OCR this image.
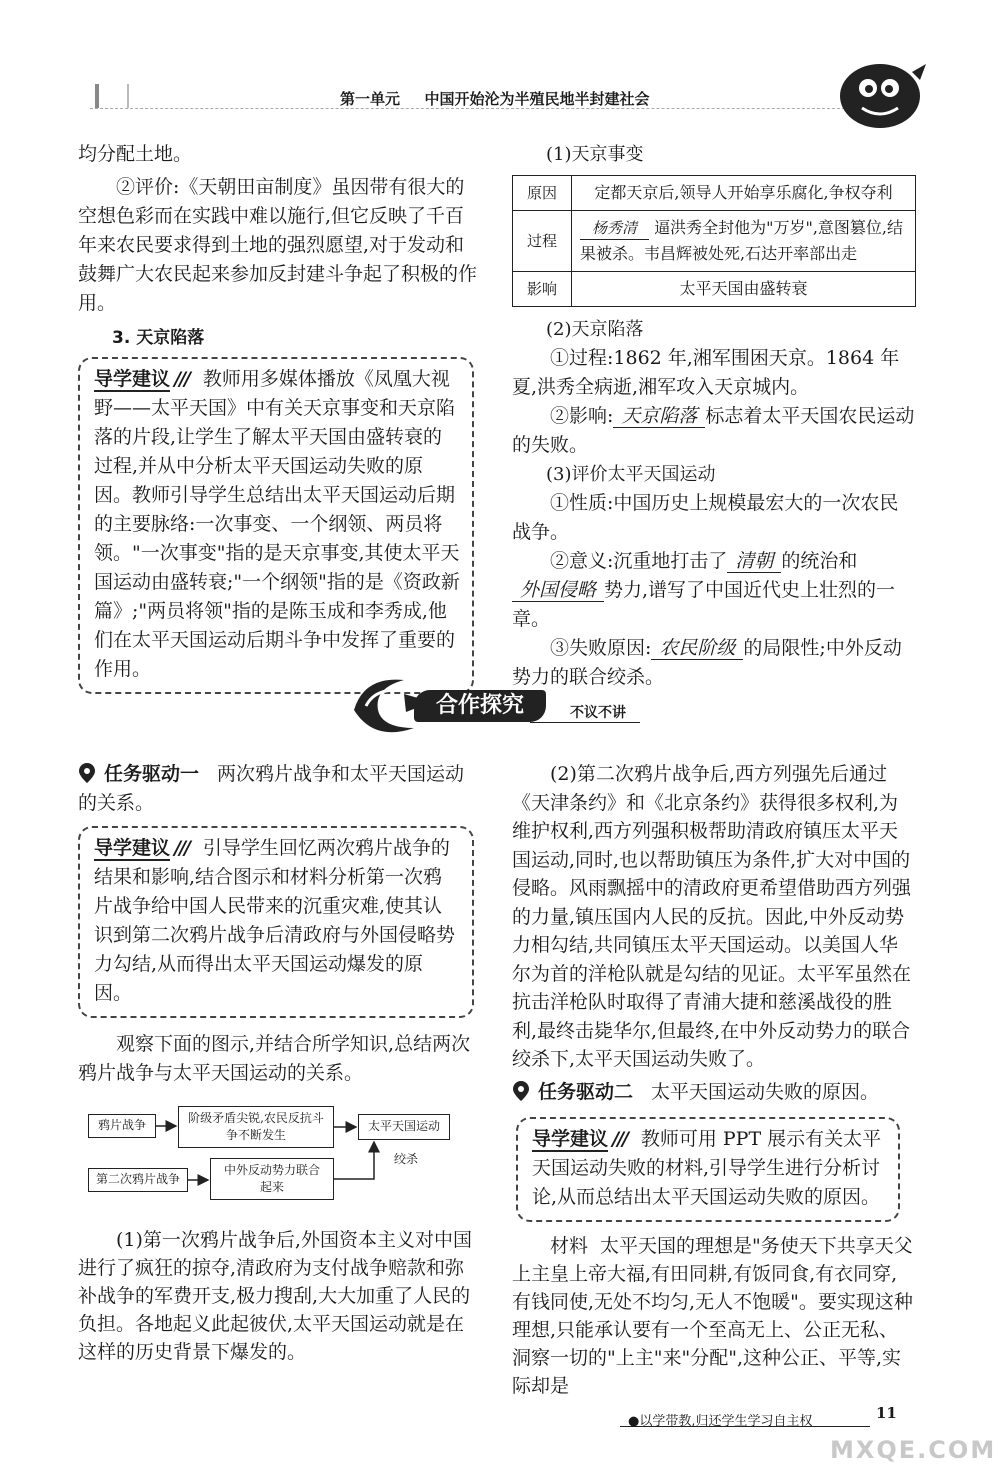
第一单元 中国开始沦为半殖民地半封建社会

均分配土地。

②评价:《天朝田亩制度》虽因带有很大的空想色彩而在实践中难以施行,但它反映了千百年来农民要求得到土地的强烈愿望,对于发动和鼓舞广大农民起来参加反封建斗争起了积极的作用。

3. 天京陷落

导学建议 /// 教师用多媒体播放《凤凰大视野——太平天国》中有关天京事变和天京陷落的片段,让学生了解太平天国由盛转衰的过程,并从中分析太平天国运动失败的原因。教师引导学生总结出太平天国运动后期的主要脉络:一次事变、一个纲领、两员将领。"一次事变"指的是天京事变,其使太平天国运动由盛转衰;"一个纲领"指的是《资政新篇》;"两员将领"指的是陈玉成和李秀成,他们在太平天国运动后期斗争中发挥了重要的作用。

(1)天京事变

原因	定都天京后,领导人开始享乐腐化,争权夺利
过程	杨秀清 逼洪秀全封他为"万岁",意图篡位,结果被杀。韦昌辉被处死,石达开率部出走
影响	太平天国由盛转衰

(2)天京陷落

①过程:1862 年,湘军围困天京。1864 年夏,洪秀全病逝,湘军攻入天京城内。

②影响: 天京陷落 标志着太平天国农民运动的失败。

(3)评价太平天国运动

①性质:中国历史上规模最宏大的一次农民战争。

②意义:沉重地打击了 清朝 的统治和外国侵略 势力,谱写了中国近代史上壮烈的一章。

③失败原因: 农民阶级 的局限性;中外反动势力的联合绞杀。

合作探究	不议不讲

任务驱动一 两次鸦片战争和太平天国运动的关系。

导学建议 /// 引导学生回忆两次鸦片战争的结果和影响,结合图示和材料分析第一次鸦片战争给中国人民带来的沉重灾难,使其认识到第二次鸦片战争后清政府与外国侵略势力勾结,从而得出太平天国运动爆发的原因。

观察下面的图示,并结合所学知识,总结两次鸦片战争与太平天国运动的关系。

鸦片战争	阶级矛盾尖锐,农民反抗斗争不断发生
太平天国运动
第二次鸦片战争
中外反动势力联合起来
绞杀

(1)第一次鸦片战争后,外国资本主义对中国进行了疯狂的掠夺,清政府为支付战争赔款和弥补战争的军费开支,极力搜刮,大大加重了人民的负担。各地起义此起彼伏,太平天国运动就是在这样的历史背景下爆发的。

(2)第二次鸦片战争后,西方列强先后通过《天津条约》和《北京条约》获得很多权利,为维护权利,西方列强积极帮助清政府镇压太平天国运动,同时,也以帮助镇压为条件,扩大对中国的侵略。风雨飘摇中的清政府更希望借助西方列强的力量,镇压国内人民的反抗。因此,中外反动势力相勾结,共同镇压太平天国运动。以美国人华尔为首的洋枪队就是勾结的见证。太平军虽然在抗击洋枪队时取得了青浦大捷和慈溪战役的胜利,最终击毙华尔,但最终,在中外反动势力的联合绞杀下,太平天国运动失败了。

任务驱动二 太平天国运动失败的原因。

导学建议 /// 教师可用 PPT 展示有关太平天国运动失败的材料,引导学生进行分析讨论,从而总结出太平天国运动失败的原因。

材料 太平天国的理想是"务使天下共享天父上主皇上帝大福,有田同耕,有饭同食,有衣同穿,有钱同使,无处不均匀,无人不饱暖"。要实现这种理想,只能承认要有一个至高无上、公正无私、洞察一切的"上主"来"分配",这种公正、平等,实际却是

●以学带教,归还学生学习自主权	11
MXQE.COM
